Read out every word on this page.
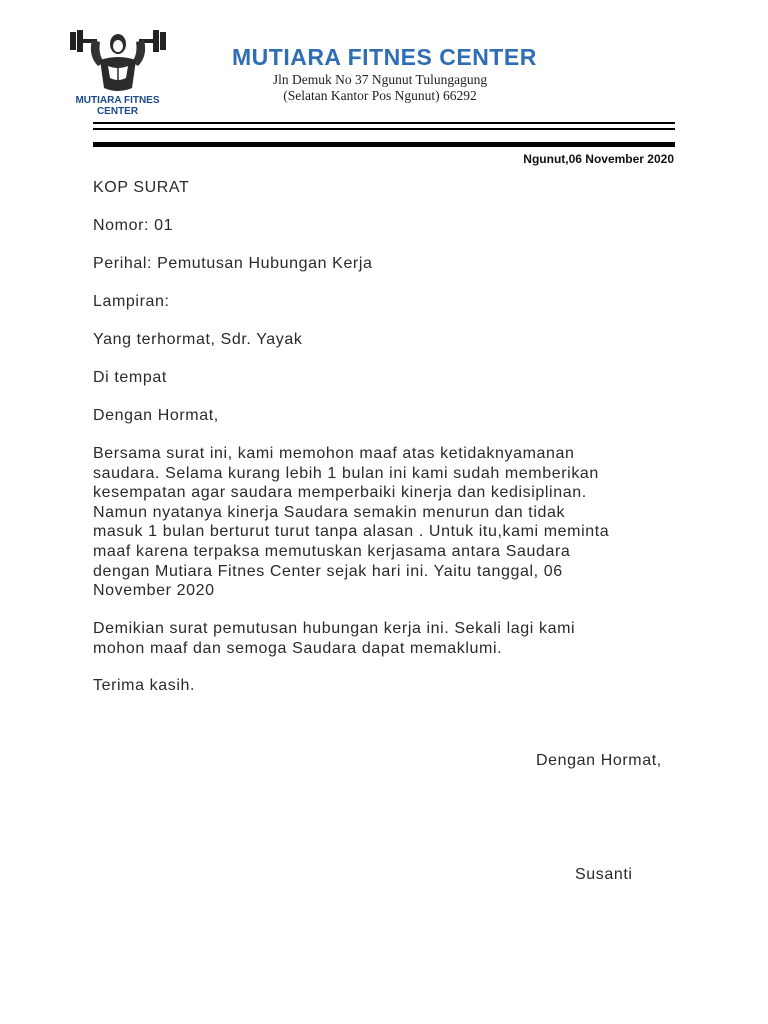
MUTIARA FITNES
CENTER
MUTIARA FITNES CENTER
Jln Demuk No 37 Ngunut Tulungagung
(Selatan Kantor Pos Ngunut) 66292
Ngunut,06 November 2020
KOP SURAT
Nomor: 01
Perihal: Pemutusan Hubungan Kerja
Lampiran:
Yang terhormat, Sdr. Yayak
Di tempat
Dengan Hormat,
Bersama surat ini, kami memohon maaf atas ketidaknyamanan
saudara. Selama kurang lebih 1 bulan ini kami sudah memberikan
kesempatan agar saudara memperbaiki kinerja dan kedisiplinan.
Namun nyatanya kinerja Saudara semakin menurun dan tidak
masuk 1 bulan berturut turut tanpa alasan . Untuk itu,kami meminta
maaf karena terpaksa memutuskan kerjasama antara Saudara
dengan Mutiara Fitnes Center sejak hari ini. Yaitu tanggal, 06
November 2020
Demikian surat pemutusan hubungan kerja ini. Sekali lagi kami
mohon maaf dan semoga Saudara dapat memaklumi.
Terima kasih.
Dengan Hormat,
Susanti
